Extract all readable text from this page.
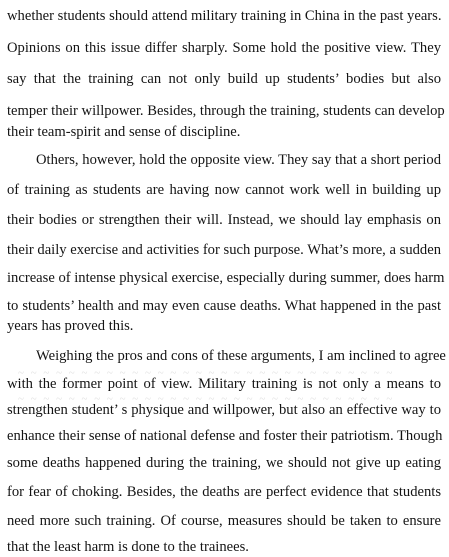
~ ~ ~ ~ ~ ~ ~ ~ ~ ~ ~ ~ ~ ~ ~ ~ ~ ~ ~ ~ ~ ~ ~ ~ ~ ~ ~ ~ ~ ~
~ ~ ~ ~ ~ ~ ~ ~ ~ ~ ~ ~ ~ ~ ~ ~ ~ ~ ~ ~ ~ ~ ~ ~ ~ ~ ~ ~ ~ ~
whether students should attend military training in China in the past years.
Opinions on this issue differ sharply. Some hold the positive view. They
say that the training can not only build up students’ bodies but also
temper their willpower. Besides, through the training, students can develop
their team-spirit and sense of discipline.
Others, however, hold the opposite view. They say that a short period
of training as students are having now cannot work well in building up
their bodies or strengthen their will. Instead, we should lay emphasis on
their daily exercise and activities for such purpose. What’s more, a sudden
increase of intense physical exercise, especially during summer, does harm
to students’ health and may even cause deaths. What happened in the past
years has proved this.
Weighing the pros and cons of these arguments, I am inclined to agree
with the former point of view. Military training is not only a means to
strengthen student’ s physique and willpower, but also an effective way to
enhance their sense of national defense and foster their patriotism. Though
some deaths happened during the training, we should not give up eating
for fear of choking. Besides, the deaths are perfect evidence that students
need more such training. Of course, measures should be taken to ensure
that the least harm is done to the trainees.
